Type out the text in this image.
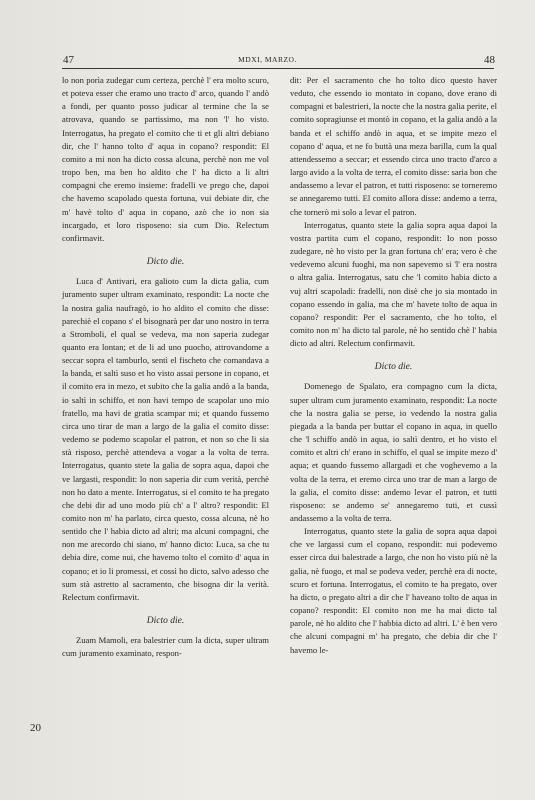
47	MDXI, MARZO.	48

lo non porìa zudegar cum certeza, perchè l' era molto scuro, et poteva esser che eramo uno tracto d' arco, quando l' andò a fondi, per quanto posso judicar al termine che la se atrovava, quando se partissimo, ma non 'l' ho visto. Interrogatus, ha pregato el comito che ti et gli altri debiano dir, che l' hanno tolto d' aqua in copano? respondit: El comito a mi non ha dicto cossa alcuna, perchè non me vol tropo ben, ma ben ho aldito che l' ha dicto a li altri compagni che eremo insieme: fradelli ve prego che, dapoi che havemo scapolado questa fortuna, vui debiate dir, che m' havè tolto d' aqua in copano, azò che io non sia incargado, et loro risposeno: sia cum Dio. Relectum confirmavit.

Dicto die.

Luca d' Antivari, era galioto cum la dicta galia, cum juramento super ultram examinato, respondit: La nocte che la nostra galia naufragò, io ho aldito el comito che disse: parechiè el copano s' el bisognarà per dar uno nostro in terra a Stromboli, el qual se vedeva, ma non saperia zudegar quanto era lontan; et de li ad uno puocho, attrovandome a seccar sopra el tamburlo, sentì el fischeto che comandava a la banda, et saltì suso et ho visto assai persone in copano, et il comito era in mezo, et subito che la galia andò a la banda, io saltì in schiffo, et non havi tempo de scapolar uno mio fratello, ma havi de gratia scampar mi; et quando fussemo circa uno tirar de man a largo de la galia el comito disse: vedemo se podemo scapolar el patron, et non so che li sia stà risposo, perchè attendeva a vogar a la volta de terra. Interrogatus, quanto stete la galia de sopra aqua, dapoi che ve largasti, respondit: lo non saperia dir cum verità, perchè non ho dato a mente. Interrogatus, si el comito te ha pregato che debi dir ad uno modo più ch' a l' altro? respondit: El comito non m' ha parlato, circa questo, cossa alcuna, nè ho sentido che l' habia dicto ad altri; ma alcuni compagni, che non me arecordo chi siano, m' hanno dicto: Luca, sa che tu debia dire, come nui, che havemo tolto el comito d' aqua in copano; et io li promessi, et cossì ho dicto, salvo adesso che sum stà astretto al sacramento, che bisogna dir la verità. Relectum confirmavit.

Dicto die.

Zuam Mamoli, era balestrier cum la dicta, super ultram cum juramento examinato, respon-

dit: Per el sacramento che ho tolto dico questo haver veduto, che essendo io montato in copano, dove erano di compagni et balestrieri, la nocte che la nostra galia perite, el comito sopragiunse et montò in copano, et la galia andò a la banda et el schiffo andò in aqua, et se impite mezo el copano d' aqua, et ne fo buttà una meza barilla, cum la qual attendessemo a seccar; et essendo circa uno tracto d'arco a largo avido a la volta de terra, el comito disse: saria bon che andassemo a levar el patron, et tutti risposeno: se torneremo se annegaremo tutti. El comito allora disse: andemo a terra, che tornerò mi solo a levar el patron.

Interrogatus, quanto stete la galia sopra aqua dapoi la vostra partita cum el copano, respondit: Io non posso zudegare, nè ho visto per la gran fortuna ch' era; vero è che vedevemo alcuni fuoghi, ma non sapevemo si 'l' era nostra o altra galia. Interrogatus, satu che 'l comito habia dicto a vuj altri scapoladi: fradelli, non disè che jo sia montado in copano essendo in galia, ma che m' havete tolto de aqua in copano? respondit: Per el sacramento, che ho tolto, el comito non m' ha dicto tal parole, nè ho sentido chè l' habia dicto ad altri. Relectum confirmavit.

Dicto die.

Domenego de Spalato, era compagno cum la dicta, super ultram cum juramento examinato, respondit: La nocte che la nostra galia se perse, io vedendo la nostra galia piegada a la banda per buttar el copano in aqua, in quello che 'l schiffo andò in aqua, io saltì dentro, et ho visto el comito et altri ch' erano in schiffo, el qual se impite mezo d' aqua; et quando fussemo allargadi et che voghevemo a la volta de la terra, et eremo circa uno trar de man a largo de la galia, el comito disse: andemo levar el patron, et tutti risposeno: se andemo se' annegaremo tuti, et cussì andassemo a la volta de terra.

Interrogatus, quanto stete la galia de sopra aqua dapoi che ve largassi cum el copano, respondit: nui podevemo esser circa dui balestrade a largo, che non ho visto più nè la galia, nè fuogo, et mal se podeva veder, perchè era di nocte, scuro et fortuna. Interrogatus, el comito te ha pregato, over ha dicto, o pregato altri a dir che l' haveano tolto de aqua in copano? respondit: El comito non me ha mai dicto tal parole, nè ho aldito che l' habbia dicto ad altri. L' è ben vero che alcuni compagni m' ha pregato, che debia dir che l' havemo le-

20
